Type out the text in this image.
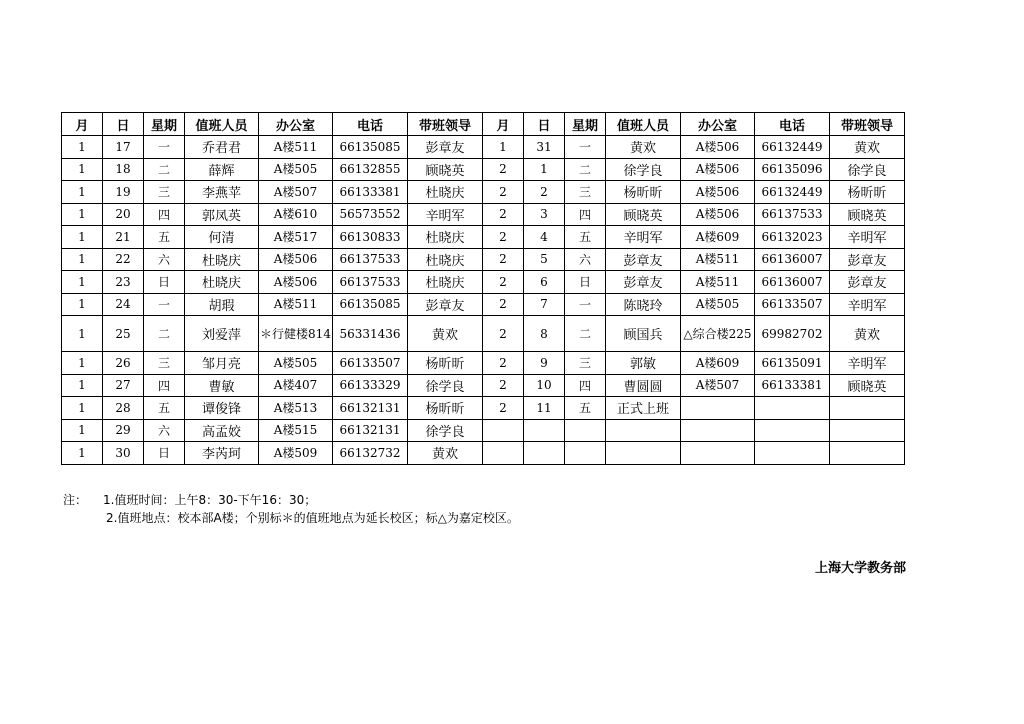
月	日	星期	值班人员	办公室	电话	带班领导	月	日	星期	值班人员	办公室	电话	带班领导
1	17	一	乔君君	A楼511	66135085	彭章友	1	31	一	黄欢	A楼506	66132449	黄欢
1	18	二	薛辉	A楼505	66132855	顾晓英	2	1	二	徐学良	A楼506	66135096	徐学良
1	19	三	李燕苹	A楼507	66133381	杜晓庆	2	2	三	杨昕昕	A楼506	66132449	杨昕昕
1	20	四	郭凤英	A楼610	56573552	辛明军	2	3	四	顾晓英	A楼506	66137533	顾晓英
1	21	五	何清	A楼517	66130833	杜晓庆	2	4	五	辛明军	A楼609	66132023	辛明军
1	22	六	杜晓庆	A楼506	66137533	杜晓庆	2	5	六	彭章友	A楼511	66136007	彭章友
1	23	日	杜晓庆	A楼506	66137533	杜晓庆	2	6	日	彭章友	A楼511	66136007	彭章友
1	24	一	胡瑕	A楼511	66135085	彭章友	2	7	一	陈晓玲	A楼505	66133507	辛明军
1	25	二	刘爱萍	＊行健楼814	56331436	黄欢	2	8	二	顾国兵	△综合楼225	69982702	黄欢
1	26	三	邹月亮	A楼505	66133507	杨昕昕	2	9	三	郭敏	A楼609	66135091	辛明军
1	27	四	曹敏	A楼407	66133329	徐学良	2	10	四	曹圆圆	A楼507	66133381	顾晓英
1	28	五	谭俊锋	A楼513	66132131	杨昕昕	2	11	五	正式上班			
1	29	六	高孟姣	A楼515	66132131	徐学良							
1	30	日	李芮珂	A楼509	66132732	黄欢							
注： 1.值班时间：上午8：30-下午16：30；
2.值班地点：校本部A楼；个别标＊的值班地点为延长校区；标△为嘉定校区。
上海大学教务部
